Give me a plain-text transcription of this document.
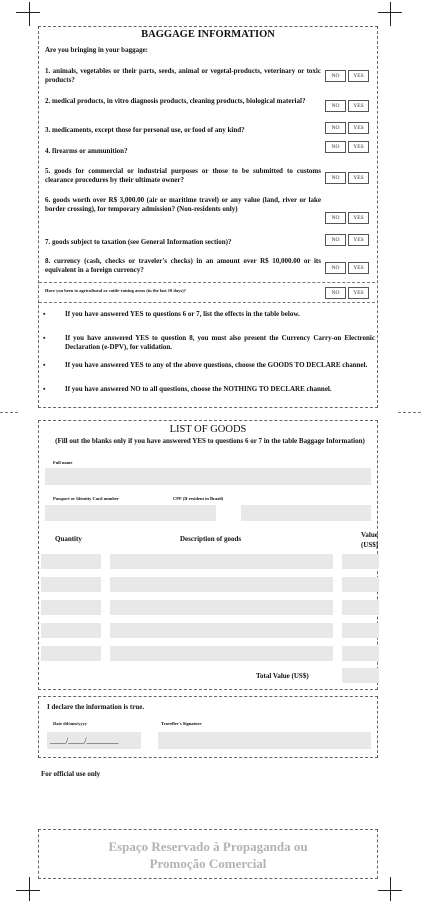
BAGGAGE INFORMATION
Are you bringing in your baggage:
1. animals, vegetables or their parts, seeds, animal or vegetal-products, veterinary or toxic products?	NO	YES
2. medical products, in vitro diagnosis products, cleaning products, biological material?
NO	YES
3. medicaments, except those for personal use, or food of any kind?	NO	YES
4. firearms or ammunition?	NO	YES
5. goods for commercial or industrial purposes or those to be submitted to customs clearance procedures by their ultimate owner?	NO	YES
6. goods worth over R$ 3,000.00 (air or maritime travel) or any value (land, river or lake border crossing), for temporary admission? (Non-residents only)
NO	YES
7. goods subject to taxation (see General Information section)?	NO	YES
8. currency (cash, checks or traveler's checks) in an amount over R$ 10,000.00 or its equivalent in a foreign currency?	NO	YES
Have you been to agricultural or cattle-raising areas (in the last 10 days)?	NO	YES
▪	If you have answered YES to questions 6 or 7, list the effects in the table below.
▪	If you have answered YES to question 8, you must also present the Currency Carry-on Electronic Declaration (e-DPV), for validation.
▪	If you have answered YES to any of the above questions, choose the GOODS TO DECLARE channel.
▪	If you have answered NO to all questions, choose the NOTHING TO DECLARE channel.
LIST OF GOODS
(Fill out the blanks only if you have answered YES to questions 6 or 7 in the table Baggage Information)
Full name
Passport or Identity Card number	CPF (If resident in Brazil)
Quantity	Description of goods	Value (US$)
Total Value (US$)
I declare the information is true.
Date dd/mm/yyyy	Traveller's Signature
____/____/________
For official use only
Espaço Reservado à Propaganda ou
Promoção Comercial
